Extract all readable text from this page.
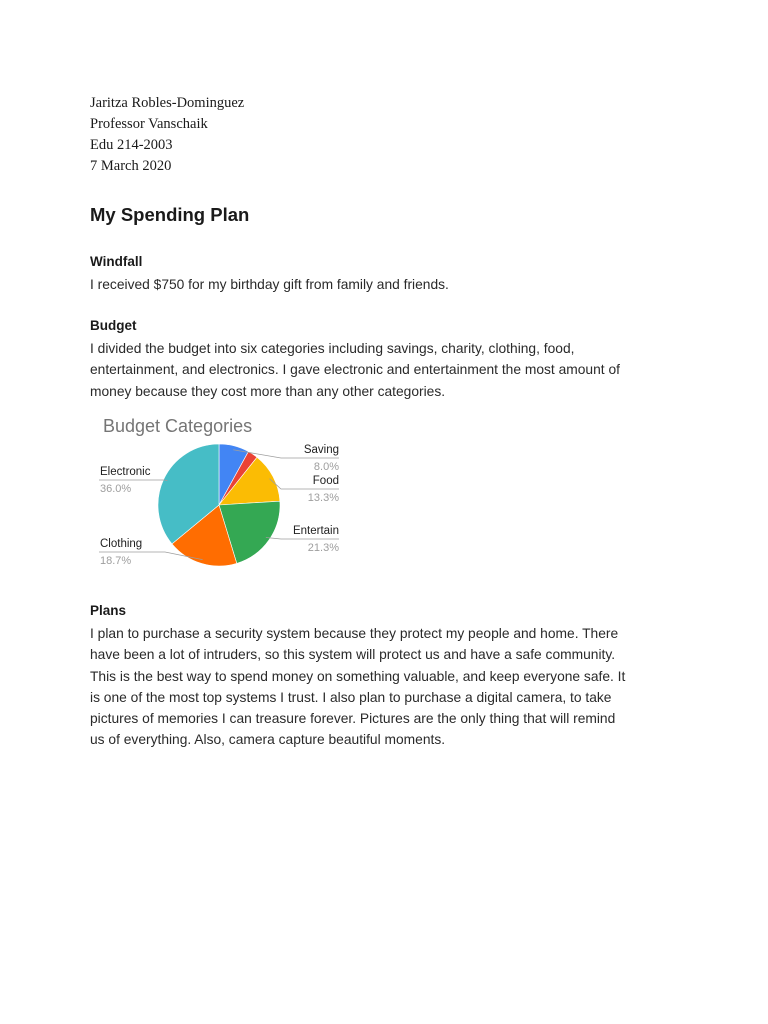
Jaritza Robles-Dominguez
Professor Vanschaik
Edu 214-2003
7 March 2020
My Spending Plan
Windfall
I received $750 for my birthday gift from family and friends.
Budget
I divided the budget into six categories including savings, charity, clothing, food,
entertainment, and electronics. I gave electronic and entertainment the most amount of
money because they cost more than any other categories.
Budget Categories
Saving
8.0%
Food
13.3%
Entertain
21.3%
Clothing
18.7%
Electronic
36.0%
Plans
I plan to purchase a security system because they protect my people and home. There
have been a lot of intruders, so this system will protect us and have a safe community.
This is the best way to spend money on something valuable, and keep everyone safe. It
is one of the most top systems I trust. I also plan to purchase a digital camera, to take
pictures of memories I can treasure forever. Pictures are the only thing that will remind
us of everything. Also, camera capture beautiful moments.
